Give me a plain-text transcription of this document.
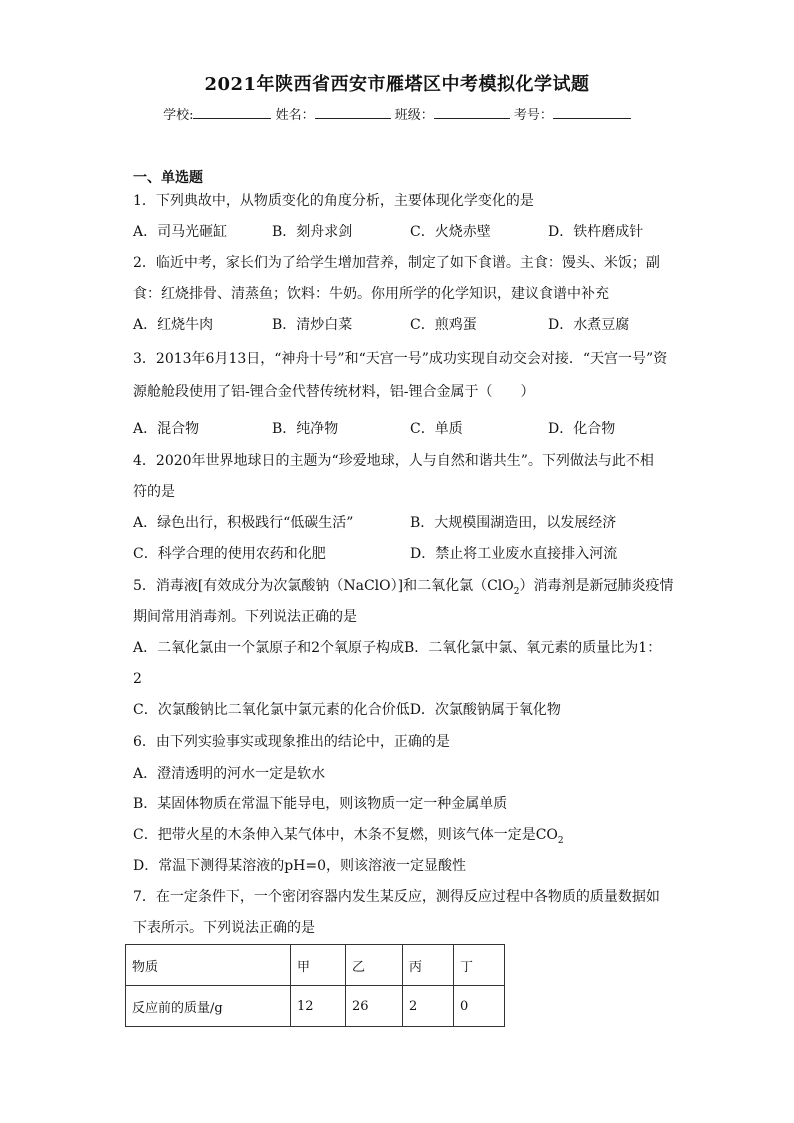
2021年陕西省西安市雁塔区中考模拟化学试题
学校:	姓名：	班级：	考号：
一、单选题
1．下列典故中，从物质变化的角度分析，主要体现化学变化的是
A．司马光砸缸	B．刻舟求剑	C．火烧赤壁	D．铁杵磨成针
2．临近中考，家长们为了给学生增加营养，制定了如下食谱。主食：馒头、米饭；副
食：红烧排骨、清蒸鱼；饮料：牛奶。你用所学的化学知识，建议食谱中补充
A．红烧牛肉	B．清炒白菜	C．煎鸡蛋	D．水煮豆腐
3．2013年6月13日，“神舟十号”和“天宫一号”成功实现自动交会对接．“天宫一号”资
源舱舱段使用了铝-锂合金代替传统材料，铝-锂合金属于（　　）
A．混合物	B．纯净物	C．单质	D．化合物
4．2020年世界地球日的主题为“珍爱地球，人与自然和谐共生”。下列做法与此不相
符的是
A．绿色出行，积极践行“低碳生活”	B．大规模围湖造田，以发展经济
C．科学合理的使用农药和化肥	D．禁止将工业废水直接排入河流
5．消毒液[有效成分为次氯酸钠（NaClO）]和二氧化氯（ClO$_2$）消毒剂是新冠肺炎疫情
期间常用消毒剂。下列说法正确的是
A．二氧化氯由一个氯原子和2个氧原子构成B．二氧化氯中氯、氧元素的质量比为1：
2
C．次氯酸钠比二氧化氯中氯元素的化合价低D．次氯酸钠属于氧化物
6．由下列实验事实或现象推出的结论中，正确的是
A．澄清透明的河水一定是软水
B．某固体物质在常温下能导电，则该物质一定一种金属单质
C．把带火星的木条伸入某气体中，木条不复燃，则该气体一定是$CO_2$
D．常温下测得某溶液的pH=0，则该溶液一定显酸性
7．在一定条件下，一个密闭容器内发生某反应，测得反应过程中各物质的质量数据如
下表所示。下列说法正确的是
物质	甲	乙	丙	丁
反应前的质量/g	12	26	2	0
